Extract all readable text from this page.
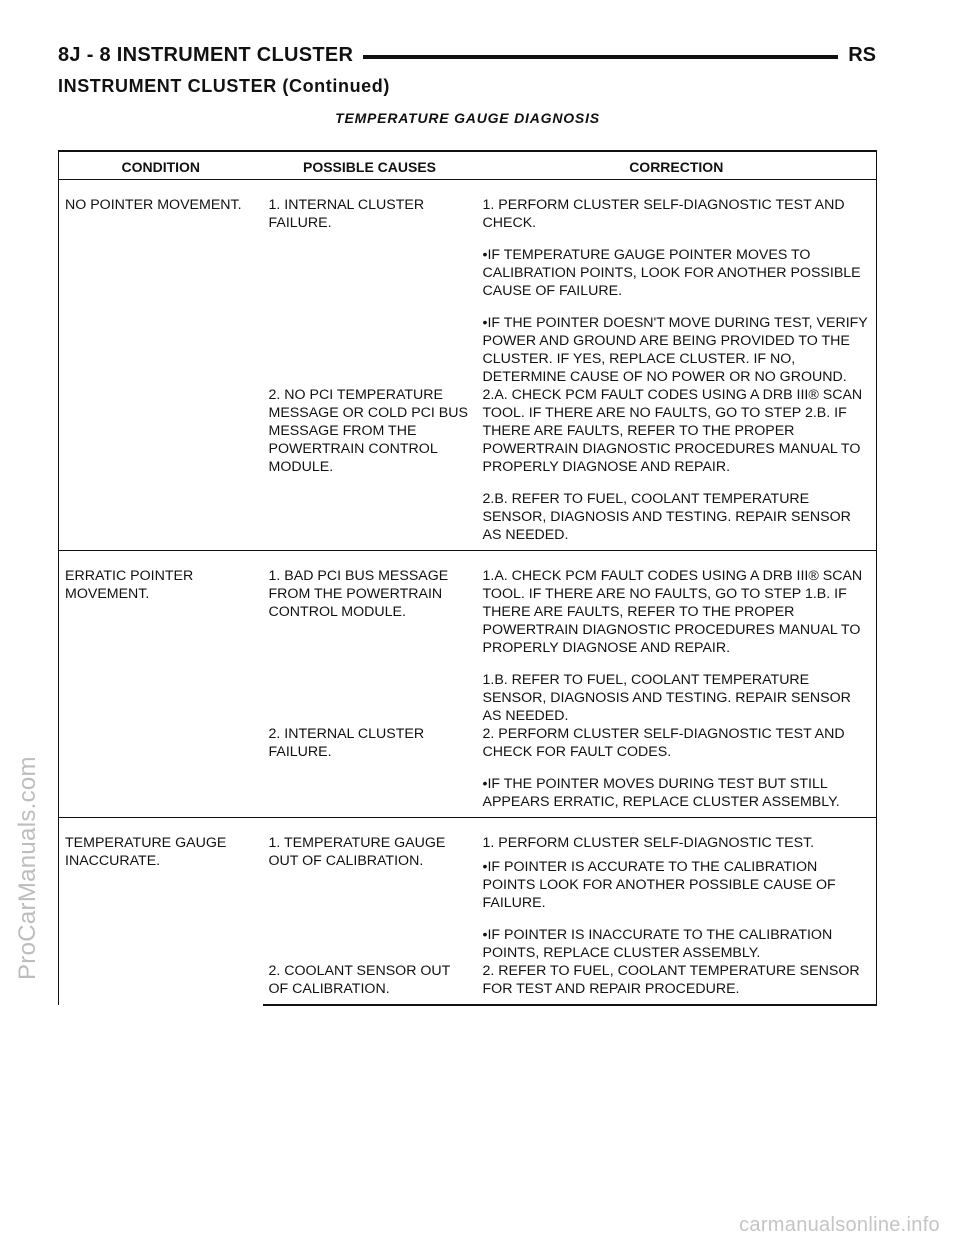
8J - 8 INSTRUMENT CLUSTER	RS
INSTRUMENT CLUSTER (Continued)
TEMPERATURE GAUGE DIAGNOSIS
CONDITION	POSSIBLE CAUSES	CORRECTION
NO POINTER MOVEMENT.	1. INTERNAL CLUSTER FAILURE.	1. PERFORM CLUSTER SELF-DIAGNOSTIC TEST AND CHECK.

•IF TEMPERATURE GAUGE POINTER MOVES TO CALIBRATION POINTS, LOOK FOR ANOTHER POSSIBLE CAUSE OF FAILURE.

•IF THE POINTER DOESN'T MOVE DURING TEST, VERIFY POWER AND GROUND ARE BEING PROVIDED TO THE CLUSTER. IF YES, REPLACE CLUSTER. IF NO, DETERMINE CAUSE OF NO POWER OR NO GROUND.

	2. NO PCI TEMPERATURE MESSAGE OR COLD PCI BUS MESSAGE FROM THE POWERTRAIN CONTROL MODULE.	2.A. CHECK PCM FAULT CODES USING A DRB III® SCAN TOOL. IF THERE ARE NO FAULTS, GO TO STEP 2.B. IF THERE ARE FAULTS, REFER TO THE PROPER POWERTRAIN DIAGNOSTIC PROCEDURES MANUAL TO PROPERLY DIAGNOSE AND REPAIR.

2.B. REFER TO FUEL, COOLANT TEMPERATURE SENSOR, DIAGNOSIS AND TESTING. REPAIR SENSOR AS NEEDED.

ERRATIC POINTER MOVEMENT.	1. BAD PCI BUS MESSAGE FROM THE POWERTRAIN CONTROL MODULE.	1.A. CHECK PCM FAULT CODES USING A DRB III® SCAN TOOL. IF THERE ARE NO FAULTS, GO TO STEP 1.B. IF THERE ARE FAULTS, REFER TO THE PROPER POWERTRAIN DIAGNOSTIC PROCEDURES MANUAL TO PROPERLY DIAGNOSE AND REPAIR.

1.B. REFER TO FUEL, COOLANT TEMPERATURE SENSOR, DIAGNOSIS AND TESTING. REPAIR SENSOR AS NEEDED.

	2. INTERNAL CLUSTER FAILURE.	2. PERFORM CLUSTER SELF-DIAGNOSTIC TEST AND CHECK FOR FAULT CODES.

•IF THE POINTER MOVES DURING TEST BUT STILL APPEARS ERRATIC, REPLACE CLUSTER ASSEMBLY.

TEMPERATURE GAUGE INACCURATE.	1. TEMPERATURE GAUGE OUT OF CALIBRATION.	1. PERFORM CLUSTER SELF-DIAGNOSTIC TEST.

•IF POINTER IS ACCURATE TO THE CALIBRATION POINTS LOOK FOR ANOTHER POSSIBLE CAUSE OF FAILURE.

•IF POINTER IS INACCURATE TO THE CALIBRATION POINTS, REPLACE CLUSTER ASSEMBLY.

	2. COOLANT SENSOR OUT OF CALIBRATION.	2. REFER TO FUEL, COOLANT TEMPERATURE SENSOR FOR TEST AND REPAIR PROCEDURE.

ProCarManuals.com
carmanualsonline.info
